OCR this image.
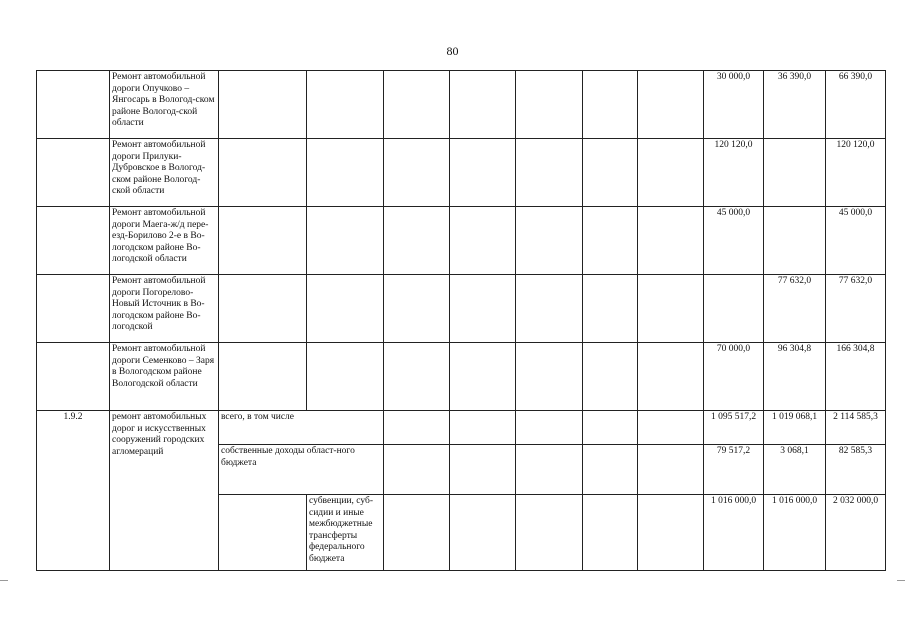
80
	Ремонт автомобильной дороги Опучково – Янгосарь в Вологод-ском районе Вологод-ской области								30 000,0	36 390,0	66 390,0
	Ремонт автомобильной дороги Прилуки-Дубровское в Вологод-ском районе Вологод-ской области								120 120,0		120 120,0
	Ремонт автомобильной дороги Маега-ж/д пере-езд-Борилово 2-е в Во-логодском районе Во-логодской области								45 000,0		45 000,0
	Ремонт автомобильной дороги Погорелово-Новый Источник в Во-логодском районе Во-логодской									77 632,0	77 632,0
	Ремонт автомобильной дороги Семенково – Заря в Вологодском районе Вологодской области								70 000,0	96 304,8	166 304,8
1.9.2	ремонт автомобильных дорог и искусственных сооружений городских агломераций	всего, в том числе							1 095 517,2	1 019 068,1	2 114 585,3
		собственные доходы област-ного бюджета							79 517,2	3 068,1	82 585,3
			субвенции, суб-сидии и иные межбюджетные трансферты федерального бюджета						1 016 000,0	1 016 000,0	2 032 000,0
